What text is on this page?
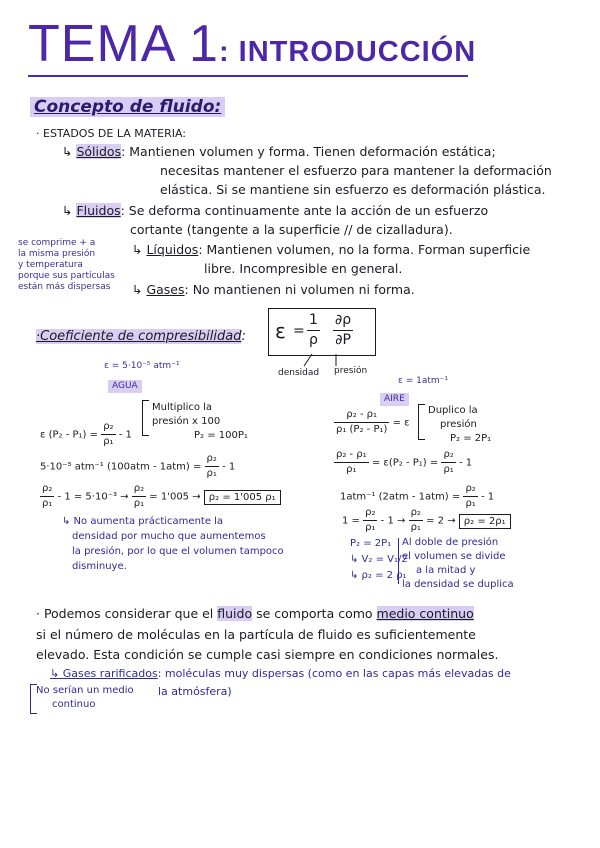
TEMA 1: INTRODUCCIÓN
Concepto de fluido:
· ESTADOS DE LA MATERIA:
↳ Sólidos: Mantienen volumen y forma. Tienen deformación estática;
necesitas mantener el esfuerzo para mantener la deformación
elástica. Si se mantiene sin esfuerzo es deformación plástica.
↳ Fluidos: Se deforma continuamente ante la acción de un esfuerzo
cortante (tangente a la superficie // de cizalladura).
se comprime + a
la misma presión
y temperatura
porque sus partículas
están más dispersas
↳ Líquidos: Mantienen volumen, no la forma. Forman superficie
libre. Incompresible en general.
↳ Gases: No mantienen ni volumen ni forma.
·Coeficiente de compresibilidad: $\varepsilon = \frac{1}{\rho} \frac{\partial\rho}{\partial P}$
densidad presión
ε = 5·10⁻⁵ atm⁻¹
AGUA
ε $(P_2 - P_1) = \frac{\text{ρ₂}}{\text{ρ₁}} - 1$
Multiplico la
presión x 100
P₂ = 100P₁
5·10⁻⁵ atm⁻¹ $(100atm - 1atm) = \frac{\text{ρ₂}}{\text{ρ₁}} - 1$
$\frac{\text{ρ₂}}{\text{ρ₁}} - 1 = 5\cdot 10^{-3} \to \frac{\text{ρ₂}}{\text{ρ₁}} = 1'005 \to \rho_2 = 1'005$ ρ₁
↳ No aumenta prácticamente la
densidad por mucho que aumentemos
la presión, por lo que el volumen tampoco
disminuye.
ε = 1atm⁻¹
AIRE
$\frac{\text{ρ₂ - ρ₁}}{\text{ρ₁ (P₂ - P₁)}} = \varepsilon$
Duplico la
presión
P₂ = 2P₁
$\frac{\text{ρ₂ - ρ₁}}{\text{ρ₁}} = \varepsilon(P_2 - P_1) = \frac{\text{ρ₂}}{\text{ρ₁}} - 1$
1atm⁻¹ $(2atm - 1atm) = \frac{\text{ρ₂}}{\text{ρ₁}} - 1$
$1 = \frac{\text{ρ₂}}{\text{ρ₁}} - 1 \to \frac{\text{ρ₂}}{\text{ρ₁}} = 2 \to \rho_2 = 2\rho_1$
P₂ = 2P₁
↳ V₂ = V₁/2
↳ ρ₂ = 2 ρ₁
Al doble de presión
el volumen se divide
a la mitad y
la densidad se duplica
· Podemos considerar que el fluido se comporta como medio continuo
si el número de moléculas en la partícula de fluido es suficientemente
elevado. Esta condición se cumple casi siempre en condiciones normales.
↳ Gases rarificados: moléculas muy dispersas (como en las capas más elevadas de
No serían un medio
continuo
la atmósfera)
